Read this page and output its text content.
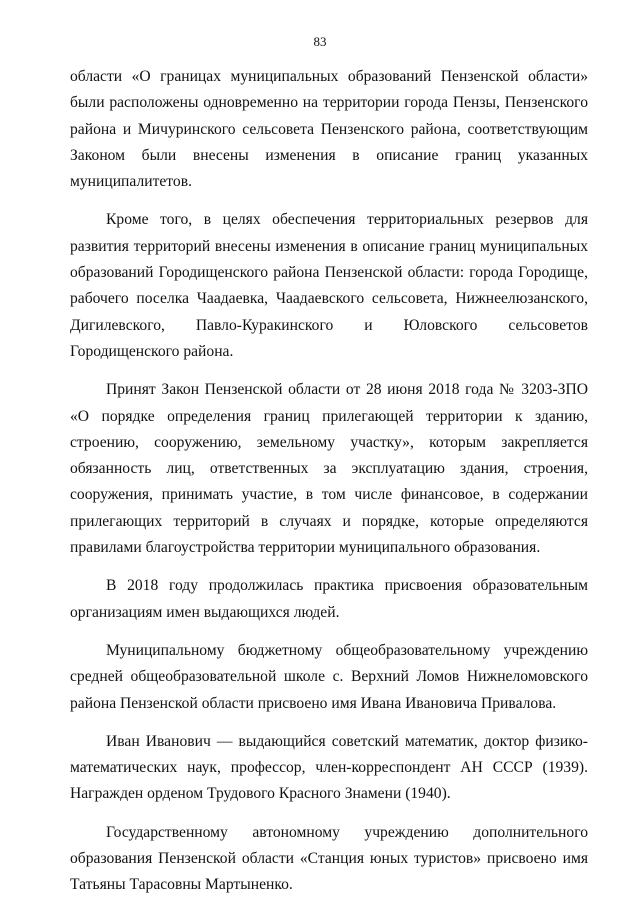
83

области «О границах муниципальных образований Пензенской области» были расположены одновременно на территории города Пензы, Пензенского района и Мичуринского сельсовета Пензенского района, соответствующим Законом были внесены изменения в описание границ указанных муниципалитетов.

Кроме того, в целях обеспечения территориальных резервов для развития территорий внесены изменения в описание границ муниципальных образований Городищенского района Пензенской области: города Городище, рабочего поселка Чаадаевка, Чаадаевского сельсовета, Нижнеелюзанского, Дигилевского, Павло-Куракинского и Юловского сельсоветов Городищенского района.

Принят Закон Пензенской области от 28 июня 2018 года № 3203-ЗПО «О порядке определения границ прилегающей территории к зданию, строению, сооружению, земельному участку», которым закрепляется обязанность лиц, ответственных за эксплуатацию здания, строения, сооружения, принимать участие, в том числе финансовое, в содержании прилегающих территорий в случаях и порядке, которые определяются правилами благоустройства территории муниципального образования.

В 2018 году продолжилась практика присвоения образовательным организациям имен выдающихся людей.

Муниципальному бюджетному общеобразовательному учреждению средней общеобразовательной школе с. Верхний Ломов Нижнеломовского района Пензенской области присвоено имя Ивана Ивановича Привалова.

Иван Иванович — выдающийся советский математик, доктор физико-математических наук, профессор, член-корреспондент АН СССР (1939). Награжден орденом Трудового Красного Знамени (1940).

Государственному автономному учреждению дополнительного образования Пензенской области «Станция юных туристов» присвоено имя Татьяны Тарасовны Мартыненко.
